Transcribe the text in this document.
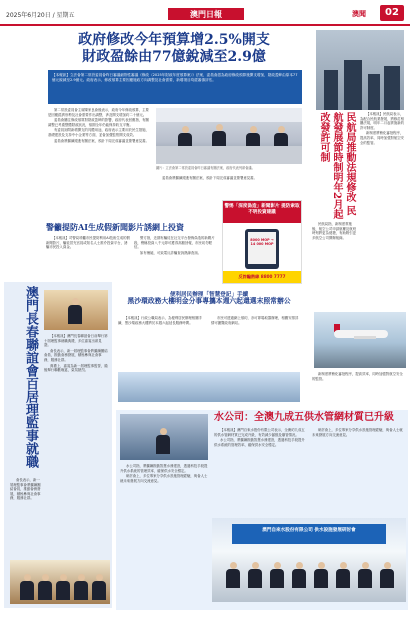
2025年6月20日 / 星期五	澳門日報	澳聞	02
政府修改今年預算增2.5%開支
財政盈餘由77億銳減至2.9億

【本報訊】立法會第二常設委員會昨日審議細則性審議《修改〈2025年財政年度預算案〉》法案，委員會認為政府修改預算後開支增加，財政盈餘由原本77億元銳減至2.9億元。政府表示，修改預算主要因應施政方向調整及社會需要，新增項目均經審慎評估。

第二常設委員會主席陳家良會後表示，政府今年修改預算，主要是因應經濟形勢及社會需要作出調整，涉及開支增加約二十億元。

委員會關注修改預算對財政盈餘的影響，政府代表回應指，有關調整已考慮整體財政狀況，預期全年仍能保持收支平衡。

有委員詢問新增開支的具體用途，政府表示主要用於民生措施、基礎建設及支持中小企業等方面，並會加強監察開支成效。

委員會將繼續跟進有關法案，預計下周完成審議並簽署意見書。

圖片：立法會第二常設委員會昨日審議有關法案，政府代表列席會議。

委員會將繼續跟進有關法案，預計下周完成審議並簽署意見書。

警籲提防AI生成假新聞影片誘網上投資

【本報訊】司警局呼籲市民提防利用AI技術生成的假新聞影片，騙徒冒充官員或知名人士推介投資平台，誘騙市民投入資金。

警方指，近期有騙徒在社交平台發佈偽造的新聞片段，聲稱投資八千元即可獲得高額回報，市民切勿輕信。

如有懷疑，可致電反詐騙查詢熱線查詢。

警惕「深度偽造」新聞影片 提防索取不明投資建議
8000 MOP → 14 000 MOP
反詐騙熱線 8800 7777
民航局推動法規修改 民航發展節時制明年2月起改發許可制	【本報訊】民航局表示，為配合民航業發展，將修訂相關法規，明年二月起實施新的許可制度。

新制度將簡化審批程序，提高效率，同時加強對航空安全的監管。

民航局指，新制度實施後，航空公司申請航權及航班時刻將更為便捷，有助吸引更多航空公司開辦航線。

新制度將簡化審批程序，提高效率，同時加強對航空安全的監管。

澳門長春聯誼會百居理監事就職	【本報訊】澳門長春聯誼會日前舉行第十屆理監事就職典禮，多位嘉賓出席見證。

會長表示，新一屆理監事會將繼續團結會員，推動會務發展，積極參與社會事務，服務社群。

典禮上，嘉賓為新一屆理監事監誓，隨後舉行聯歡晚宴，氣氛熱烈。

會長表示，新一屆理監事會將繼續團結會員，推動會務發展，積極參與社會事務，服務社群。

便利居民辦理「智慧登記」手續
黑沙環政務大樓明金分事專攜本週六起還選末照常辦公

【本報訊】行政公職局表示，為便利居民辦理相關手續，黑沙環政務大樓將於本週六起延長服務時間。

市民可透過網上預約，亦可即場取籌辦理，相關安排詳情可瀏覽政府網站。

水公司：全澳九成五供水管網材質已升級

【本報訊】澳門自來水股份有限公司表示，全澳約九成五的供水管網材質已完成升級，有效減少漏損及爆管情況。

水公司指，將繼續推動智慧水務建設，透過科技手段提升供水系統的管理效率，確保供水安全穩定。

研討會上，多位專家分享供水設施管理經驗，與會人士就未來發展方向交流意見。

水公司指，將繼續推動智慧水務建設，透過科技手段提升供水系統的管理效率，確保供水安全穩定。

研討會上，多位專家分享供水設施管理經驗，與會人士就未來發展方向交流意見。

澳門自來水股份有限公司 供水設施發展研討會
